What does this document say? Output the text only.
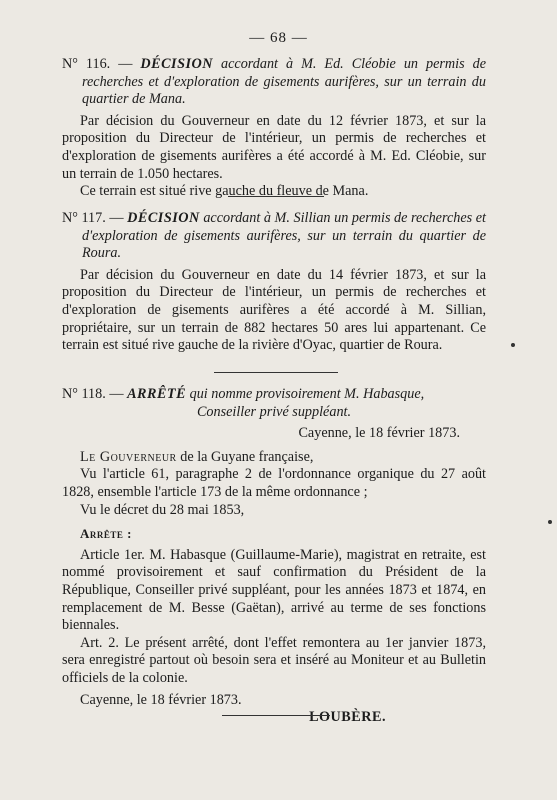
— 68 —

N° 116. — DÉCISION accordant à M. Ed. Cléobie un permis de recherches et d'exploration de gisements aurifères, sur un terrain du quartier de Mana.

Par décision du Gouverneur en date du 12 février 1873, et sur la proposition du Directeur de l'intérieur, un permis de recherches et d'exploration de gisements aurifères a été accordé à M. Ed. Cléobie, sur un terrain de 1.050 hectares.

Ce terrain est situé rive gauche du fleuve de Mana.

N° 117. — DÉCISION accordant à M. Sillian un permis de recherches et d'exploration de gisements aurifères, sur un terrain du quartier de Roura.

Par décision du Gouverneur en date du 14 février 1873, et sur la proposition du Directeur de l'intérieur, un permis de recherches et d'exploration de gisements aurifères a été accordé à M. Sillian, propriétaire, sur un terrain de 882 hectares 50 ares lui appartenant. Ce terrain est situé rive gauche de la rivière d'Oyac, quartier de Roura.

N° 118. — ARRÊTÉ qui nomme provisoirement M. Habasque,

Conseiller privé suppléant.

Cayenne, le 18 février 1873.

Le Gouverneur de la Guyane française,

Vu l'article 61, paragraphe 2 de l'ordonnance organique du 27 août 1828, ensemble l'article 173 de la même ordonnance ;

Vu le décret du 28 mai 1853,

Arrête :

Article 1er. M. Habasque (Guillaume-Marie), magistrat en retraite, est nommé provisoirement et sauf confirmation du Président de la République, Conseiller privé suppléant, pour les années 1873 et 1874, en remplacement de M. Besse (Gaëtan), arrivé au terme de ses fonctions biennales.

Art. 2. Le présent arrêté, dont l'effet remontera au 1er janvier 1873, sera enregistré partout où besoin sera et inséré au Moniteur et au Bulletin officiels de la colonie.

Cayenne, le 18 février 1873.

LOUBÈRE.
